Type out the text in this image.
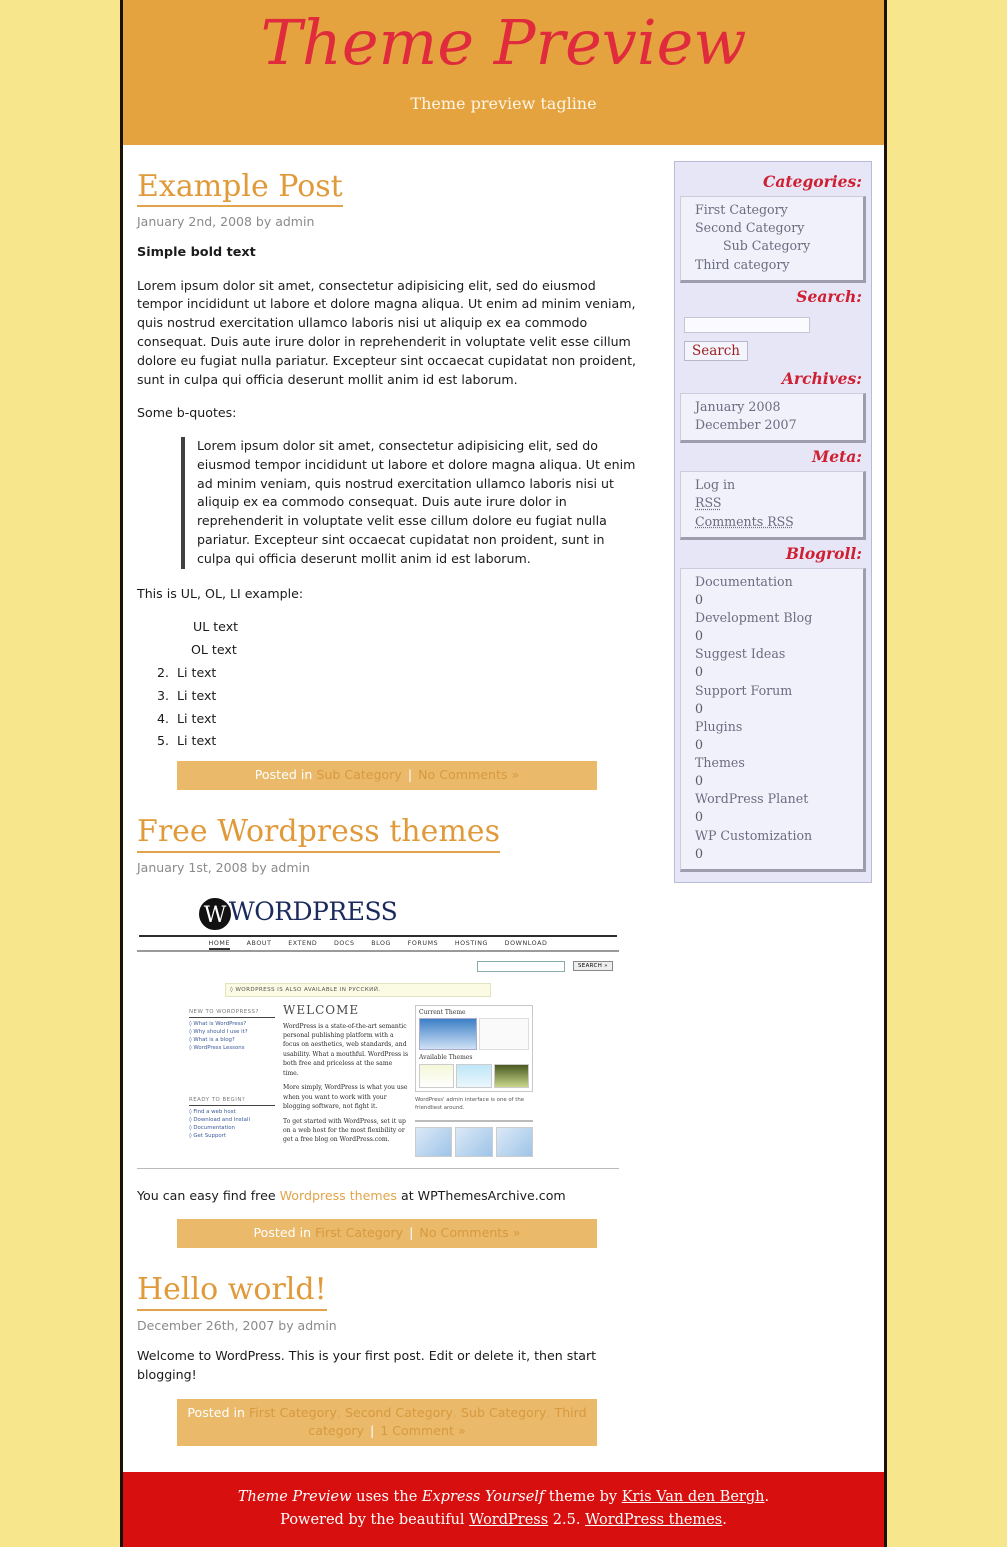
Theme Preview
Theme preview tagline
Example Post
January 2nd, 2008 by admin

Simple bold text

Lorem ipsum dolor sit amet, consectetur adipisicing elit, sed do eiusmod tempor incididunt ut labore et dolore magna aliqua. Ut enim ad minim veniam, quis nostrud exercitation ullamco laboris nisi ut aliquip ex ea commodo consequat. Duis aute irure dolor in reprehenderit in voluptate velit esse cillum dolore eu fugiat nulla pariatur. Excepteur sint occaecat cupidatat non proident, sunt in culpa qui officia deserunt mollit anim id est laborum.

Some b-quotes:

Lorem ipsum dolor sit amet, consectetur adipisicing elit, sed do eiusmod tempor incididunt ut labore et dolore magna aliqua. Ut enim ad minim veniam, quis nostrud exercitation ullamco laboris nisi ut aliquip ex ea commodo consequat. Duis aute irure dolor in reprehenderit in voluptate velit esse cillum dolore eu fugiat nulla pariatur. Excepteur sint occaecat cupidatat non proident, sunt in culpa qui officia deserunt mollit anim id est laborum.

This is UL, OL, LI example:

UL text
OL text
2. Li text
3. Li text
4. Li text
5. Li text
Posted in Sub Category | No Comments »
Free Wordpress themes
January 1st, 2008 by admin
W WORDPRESS
HOME	ABOUT	EXTEND	DOCS	BLOG	FORUMS	HOSTING	DOWNLOAD
SEARCH »
◊ WORDPRESS IS ALSO AVAILABLE IN РУССКИЙ.
NEW TO WORDPRESS?
◊ What is WordPress?
◊ Why should I use it?
◊ What is a blog?
◊ WordPress Lessons
READY TO BEGIN?
◊ Find a web host
◊ Download and Install
◊ Documentation
◊ Get Support
WELCOME

WordPress is a state-of-the-art semantic personal publishing platform with a focus on aesthetics, web standards, and usability. What a mouthful. WordPress is both free and priceless at the same time.

More simply, WordPress is what you use when you want to work with your blogging software, not fight it.

To get started with WordPress, set it up on a web host for the most flexibility or get a free blog on WordPress.com.

Current Theme
Available Themes
WordPress' admin interface is one of the friendliest around.

You can easy find free Wordpress themes at WPThemesArchive.com

Posted in First Category | No Comments »
Hello world!
December 26th, 2007 by admin

Welcome to WordPress. This is your first post. Edit or delete it, then start blogging!

Posted in First Category, Second Category, Sub Category, Third category | 1 Comment »
Categories:
First Category
Second Category
Sub Category
Third category
Search:
Search
Archives:
January 2008
December 2007
Meta:
Log in
RSS
Comments RSS
Blogroll:
Documentation
0
Development Blog
0
Suggest Ideas
0
Support Forum
0
Plugins
0
Themes
0
WordPress Planet
0
WP Customization
0
Theme Preview uses the Express Yourself theme by Kris Van den Bergh.
Powered by the beautiful WordPress 2.5. WordPress themes.
